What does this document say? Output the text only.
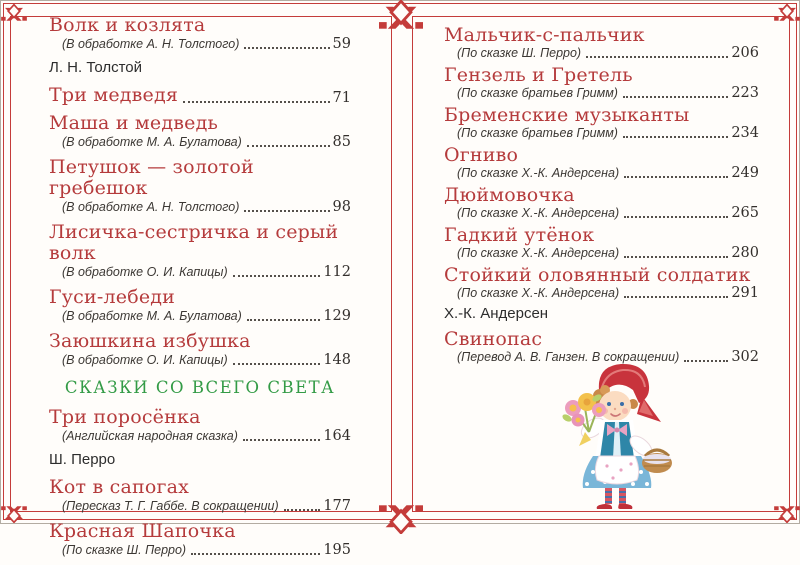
Волк и козлята
(В обработке А. Н. Толстого)	59
Л. Н. Толстой
Три медведя	71
Маша и медведь
(В обработке М. А. Булатова)	85
Петушок — золотой гребешок
(В обработке А. Н. Толстого)	98
Лисичка-сестричка и серый волк
(В обработке О. И. Капицы)	112
Гуси-лебеди
(В обработке М. А. Булатова)	129
Заюшкина избушка
(В обработке О. И. Капицы)	148
СКАЗКИ СО ВСЕГО СВЕТА
Три поросёнка
(Английская народная сказка)	164
Ш. Перро
Кот в сапогах
(Пересказ Т. Г. Габбе. В сокращении)	177
Красная Шапочка
(По сказке Ш. Перро)	195
Мальчик-с-пальчик
(По сказке Ш. Перро)	206
Гензель и Гретель
(По сказке братьев Гримм)	223
Бременские музыканты
(По сказке братьев Гримм)	234
Огниво
(По сказке Х.-К. Андерсена)	249
Дюймовочка
(По сказке Х.-К. Андерсена)	265
Гадкий утёнок
(По сказке Х.-К. Андерсена)	280
Стойкий оловянный солдатик
(По сказке Х.-К. Андерсена)	291
Х.-К. Андерсен
Свинопас
(Перевод А. В. Ганзен. В сокращении)	302
